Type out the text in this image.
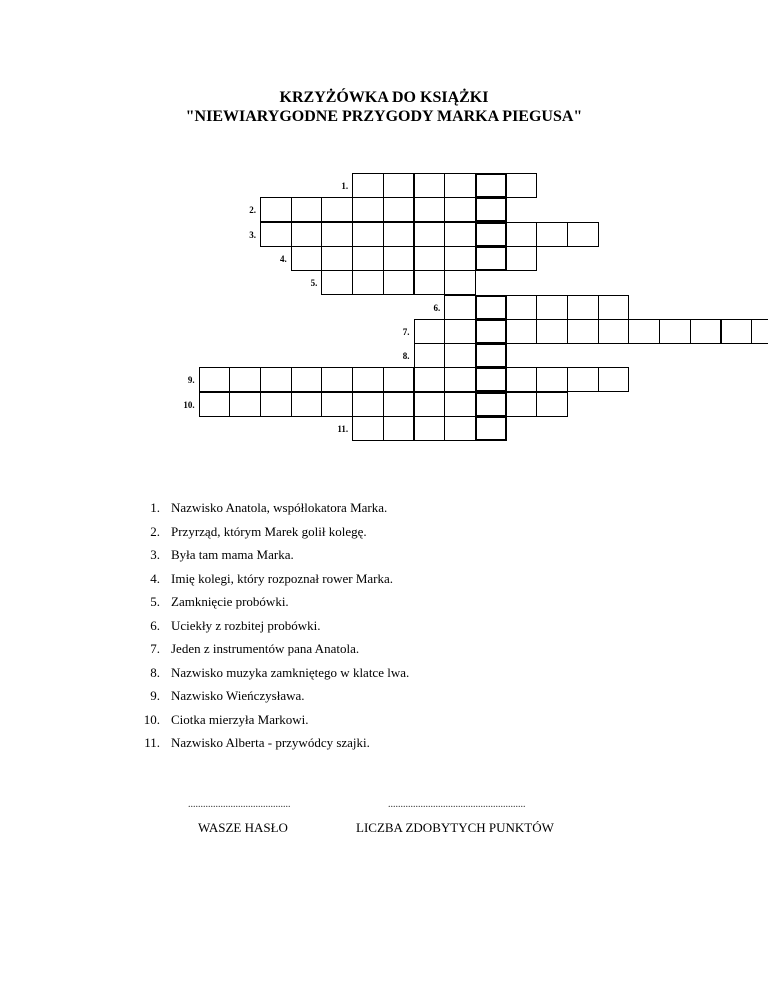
KRZYŻÓWKA DO KSIĄŻKI
"NIEWIARYGODNE PRZYGODY MARKA PIEGUSA"
1.
2.
3.
4.
5.
6.
7.
8.
9.
10.
11.
1. Nazwisko Anatola, współlokatora Marka.
2. Przyrząd, którym Marek golił kolegę.
3. Była tam mama Marka.
4. Imię kolegi, który rozpoznał rower Marka.
5. Zamknięcie probówki.
6. Uciekły z rozbitej probówki.
7. Jeden z instrumentów pana Anatola.
8. Nazwisko muzyka zamkniętego w klatce lwa.
9. Nazwisko Wieńczysława.
10. Ciotka mierzyła Markowi.
11. Nazwisko Alberta - przywódcy szajki.
.........................................	.......................................................
WASZE HASŁO	LICZBA ZDOBYTYCH PUNKTÓW
